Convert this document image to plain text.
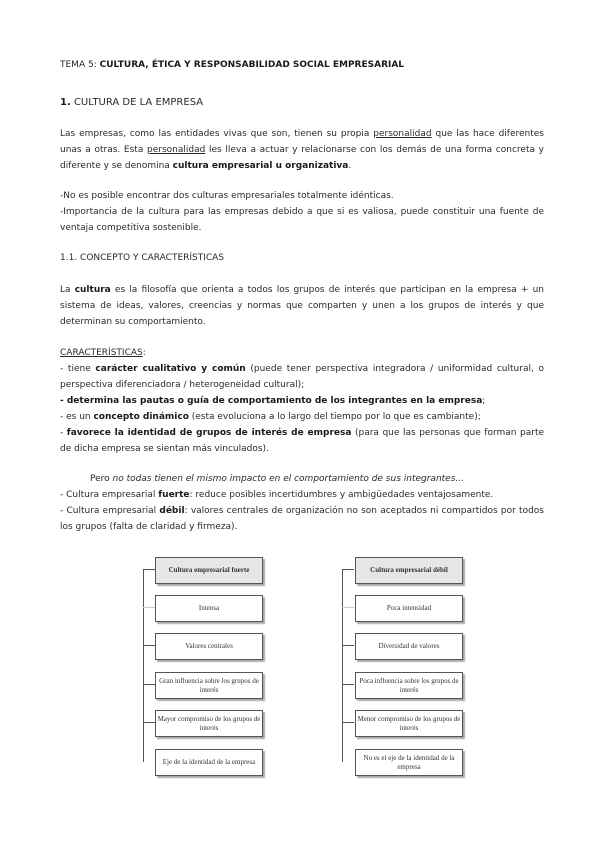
TEMA 5: CULTURA, ÉTICA Y RESPONSABILIDAD SOCIAL EMPRESARIAL
1. CULTURA DE LA EMPRESA
Las empresas, como las entidades vivas que son, tienen su propia personalidad que las hace diferentes unas a otras. Esta personalidad les lleva a actuar y relacionarse con los demás de una forma concreta y diferente y se denomina cultura empresarial u organizativa.
-No es posible encontrar dos culturas empresariales totalmente idénticas.
-Importancia de la cultura para las empresas debido a que si es valiosa, puede constituir una fuente de ventaja competitiva sostenible.
1.1. CONCEPTO Y CARACTERÍSTICAS
La cultura es la filosofía que orienta a todos los grupos de interés que participan en la empresa + un sistema de ideas, valores, creencias y normas que comparten y unen a los grupos de interés y que determinan su comportamiento.
CARACTERÍSTICAS:
- tiene carácter cualitativo y común (puede tener perspectiva integradora / uniformidad cultural, o perspectiva diferenciadora / heterogeneidad cultural);
- determina las pautas o guía de comportamiento de los integrantes en la empresa;
- es un concepto dinámico (esta evoluciona a lo largo del tiempo por lo que es cambiante);
- favorece la identidad de grupos de interés de empresa (para que las personas que forman parte de dicha empresa se sientan más vinculados).
Pero no todas tienen el mismo impacto en el comportamiento de sus integrantes...
- Cultura empresarial fuerte: reduce posibles incertidumbres y ambigüedades ventajosamente.
- Cultura empresarial débil: valores centrales de organización no son aceptados ni compartidos por todos los grupos (falta de claridad y firmeza).
Cultura empresarial fuerte
Intensa
Valores centrales
Gran influencia sobre los grupos de interés
Mayor compromiso de los grupos de interés
Eje de la identidad de la empresa
Cultura empresarial débil
Poca intensidad
Diversidad de valores
Poca influencia sobre los grupos de interés
Menor compromiso de los grupos de interés
No es el eje de la identidad de la empresa
